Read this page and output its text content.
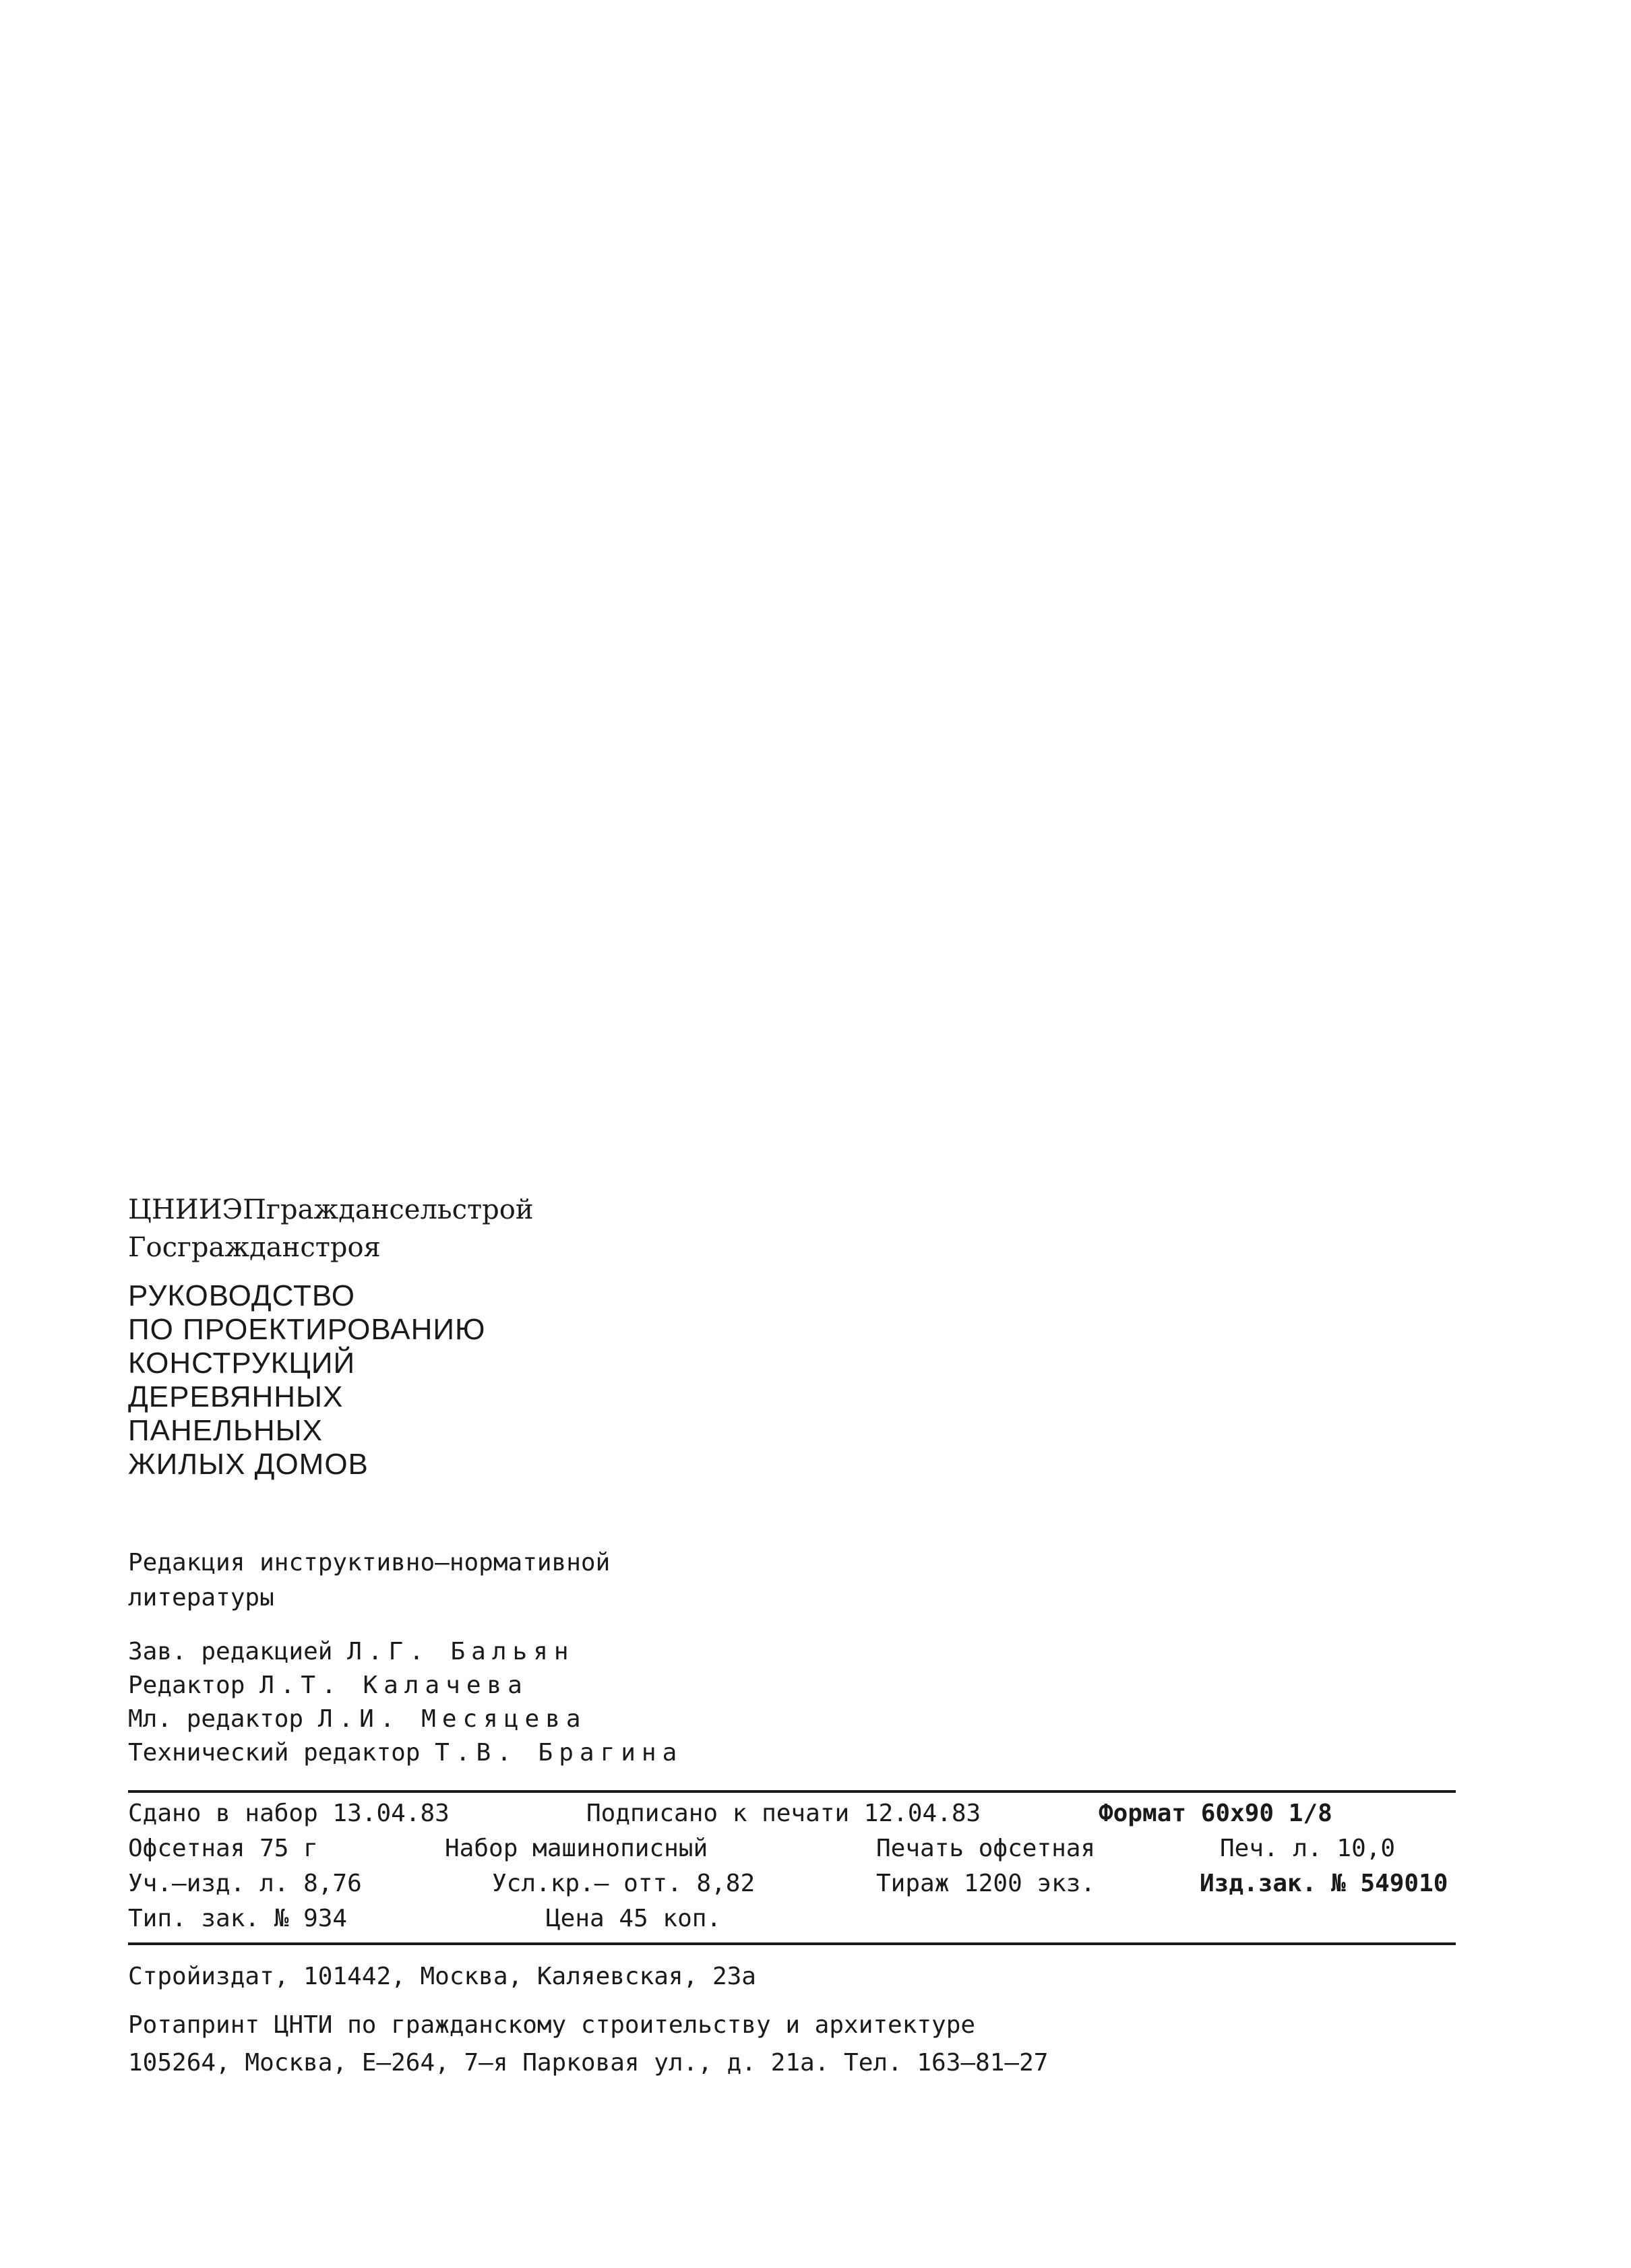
ЦНИИЭПграждансельстрой
Госгражданстроя
РУКОВОДСТВО
ПО ПРОЕКТИРОВАНИЮ
КОНСТРУКЦИЙ
ДЕРЕВЯННЫХ
ПАНЕЛЬНЫХ
ЖИЛЫХ ДОМОВ
Редакция инструктивно–нормативной
литературы
Зав. редакцией Л.Г. Бальян
Редактор Л.Т. Калачева
Мл. редактор Л.И. Месяцева
Технический редактор Т.В. Брагина
Сдано в набор 13.04.83	Подписано к печати 12.04.83	Формат 60х90 1/8
Офсетная 75 г	Набор машинописный	Печать офсетная	Печ. л. 10,0
Уч.–изд. л. 8,76	Усл.кр.– отт. 8,82	Тираж 1200 экз.	Изд.зак. № 549010
Тип. зак. № 934	Цена 45 коп.
Стройиздат, 101442, Москва, Каляевская, 23а
Ротапринт ЦНТИ по гражданскому строительству и архитектуре
105264, Москва, Е–264, 7–я Парковая ул., д. 21а. Тел. 163–81–27
